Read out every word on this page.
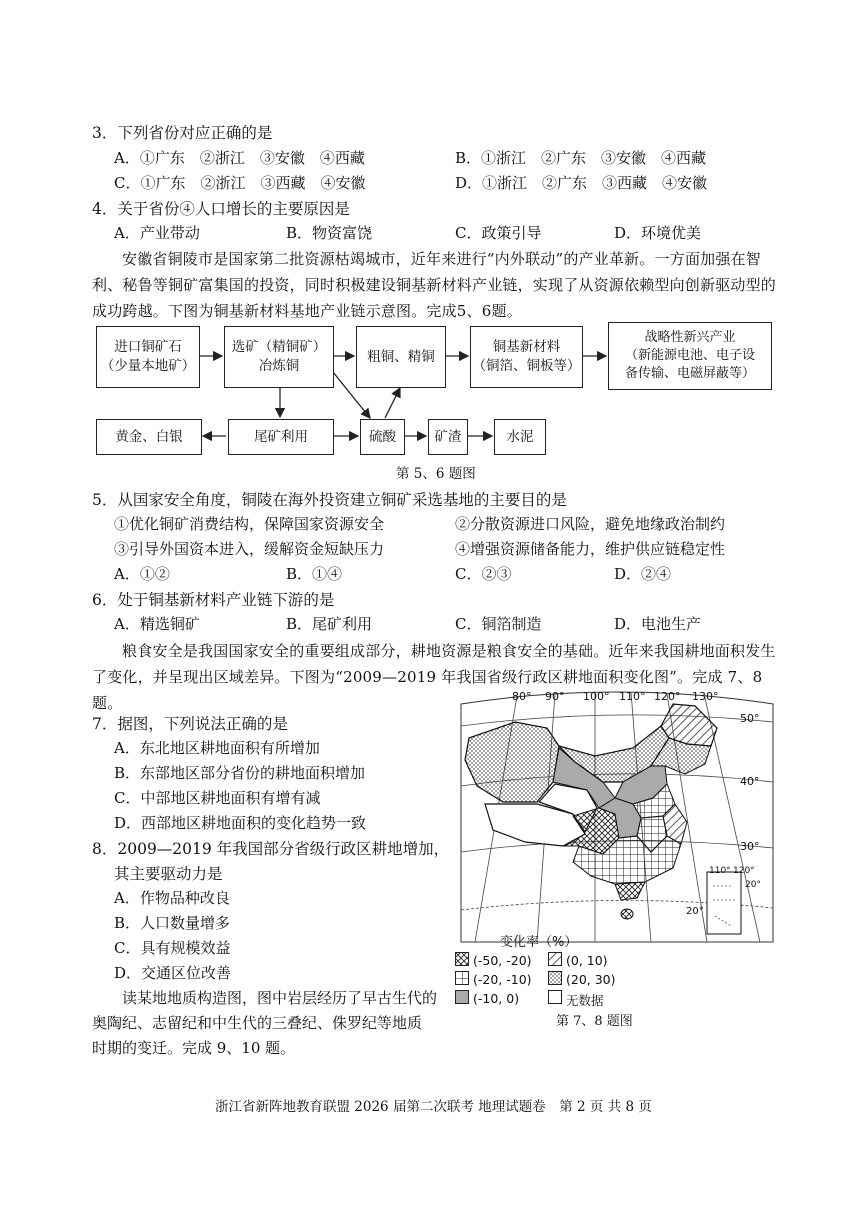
3．下列省份对应正确的是
A．①广东　②浙江　③安徽　④西藏	B．①浙江　②广东　③安徽　④西藏
C．①广东　②浙江　③西藏　④安徽	D．①浙江　②广东　③西藏　④安徽
4．关于省份④人口增长的主要原因是
A．产业带动	B．物资富饶	C．政策引导	D．环境优美
安徽省铜陵市是国家第二批资源枯竭城市，近年来进行“内外联动”的产业革新。一方面加强在智利、秘鲁等铜矿富集国的投资，同时积极建设铜基新材料产业链，实现了从资源依赖型向创新驱动型的成功跨越。下图为铜基新材料基地产业链示意图。完成5、6题。
进口铜矿石
（少量本地矿）
选矿（精铜矿）
冶炼铜
粗铜、精铜
铜基新材料
（铜箔、铜板等）
战略性新兴产业
（新能源电池、电子设
备传输、电磁屏蔽等）
黄金、白银	尾矿利用	硫酸	矿渣	水泥
第 5、6 题图
5．从国家安全角度，铜陵在海外投资建立铜矿采选基地的主要目的是
①优化铜矿消费结构，保障国家资源安全	②分散资源进口风险，避免地缘政治制约
③引导外国资本进入，缓解资金短缺压力	④增强资源储备能力，维护供应链稳定性
A．①②	B．①④	C．②③	D．②④
6．处于铜基新材料产业链下游的是
A．精选铜矿	B．尾矿利用	C．铜箔制造	D．电池生产
粮食安全是我国国家安全的重要组成部分，耕地资源是粮食安全的基础。近年来我国耕地面积发生了变化，并呈现出区域差异。下图为“2009—2019 年我国省级行政区耕地面积变化图”。完成 7、8 题。
7．据图，下列说法正确的是
A．东北地区耕地面积有所增加
B．东部地区部分省份的耕地面积增加
C．中部地区耕地面积有增有减
D．西部地区耕地面积的变化趋势一致
8．2009—2019 年我国部分省级行政区耕地增加，
其主要驱动力是
A．作物品种改良
B．人口数量增多
C．具有规模效益
D．交通区位改善
读某地地质构造图，图中岩层经历了早古生代的
奥陶纪、志留纪和中生代的三叠纪、侏罗纪等地质
时期的变迁。完成 9、10 题。
80° 90° 100° 110° 120° 130°
50°
40°
30°
20°
110° 120°
20°
变化率（%）
(-50, -20)	(0, 10)
(-20, -10)	(20, 30)
(-10, 0)	无数据
第 7、8 题图
浙江省新阵地教育联盟 2026 届第二次联考 地理试题卷　第 2 页 共 8 页
